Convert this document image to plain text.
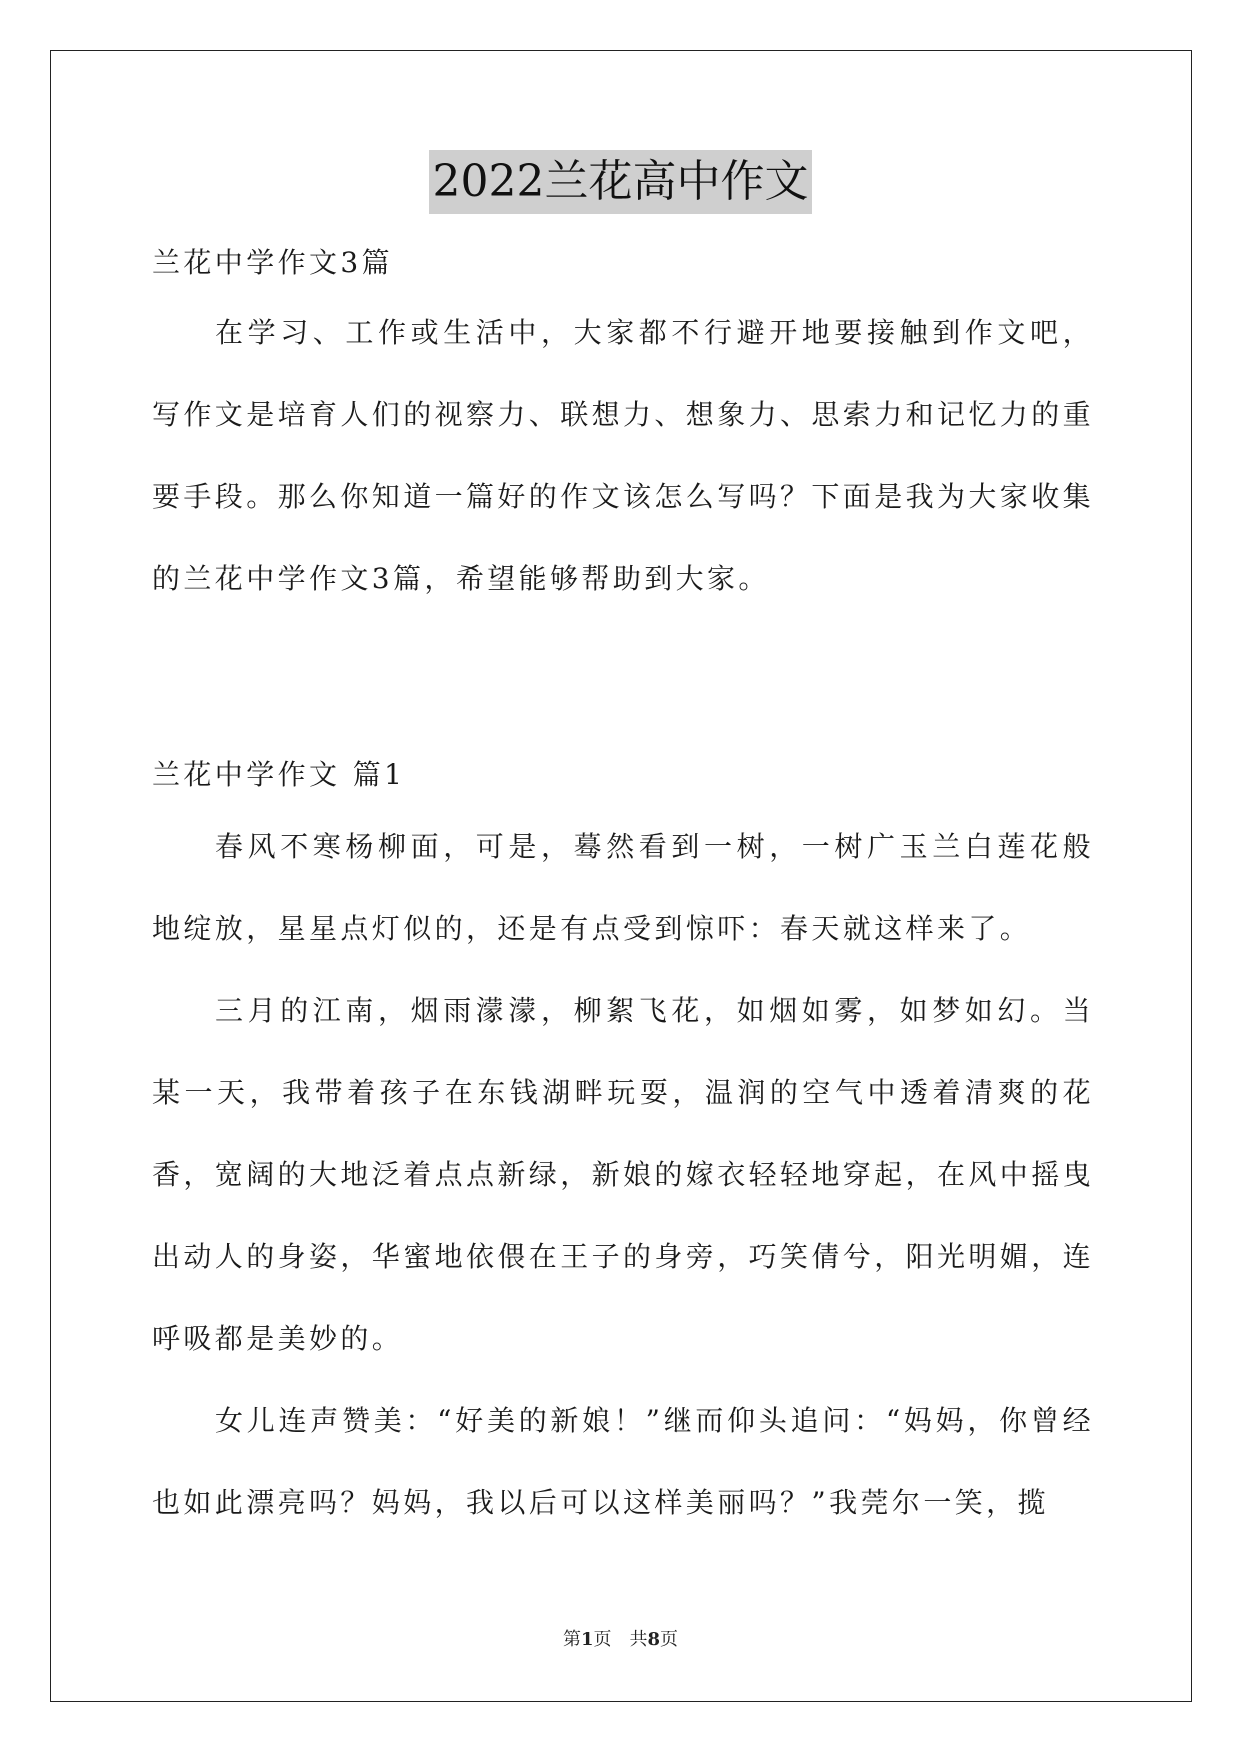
2022兰花高中作文

兰花中学作文3篇

在学习、工作或生活中，大家都不行避开地要接触到作文吧，写作文是培育人们的视察力、联想力、想象力、思索力和记忆力的重要手段。那么你知道一篇好的作文该怎么写吗？下面是我为大家收集的兰花中学作文3篇，希望能够帮助到大家。

兰花中学作文 篇1

春风不寒杨柳面，可是，蓦然看到一树，一树广玉兰白莲花般地绽放，星星点灯似的，还是有点受到惊吓：春天就这样来了。

三月的江南，烟雨濛濛，柳絮飞花，如烟如雾，如梦如幻。当某一天，我带着孩子在东钱湖畔玩耍，温润的空气中透着清爽的花香，宽阔的大地泛着点点新绿，新娘的嫁衣轻轻地穿起，在风中摇曳出动人的身姿，华蜜地依偎在王子的身旁，巧笑倩兮，阳光明媚，连呼吸都是美妙的。

女儿连声赞美：“好美的新娘！”继而仰头追问：“妈妈，你曾经也如此漂亮吗？妈妈，我以后可以这样美丽吗？”我莞尔一笑，揽

第1页　共8页
